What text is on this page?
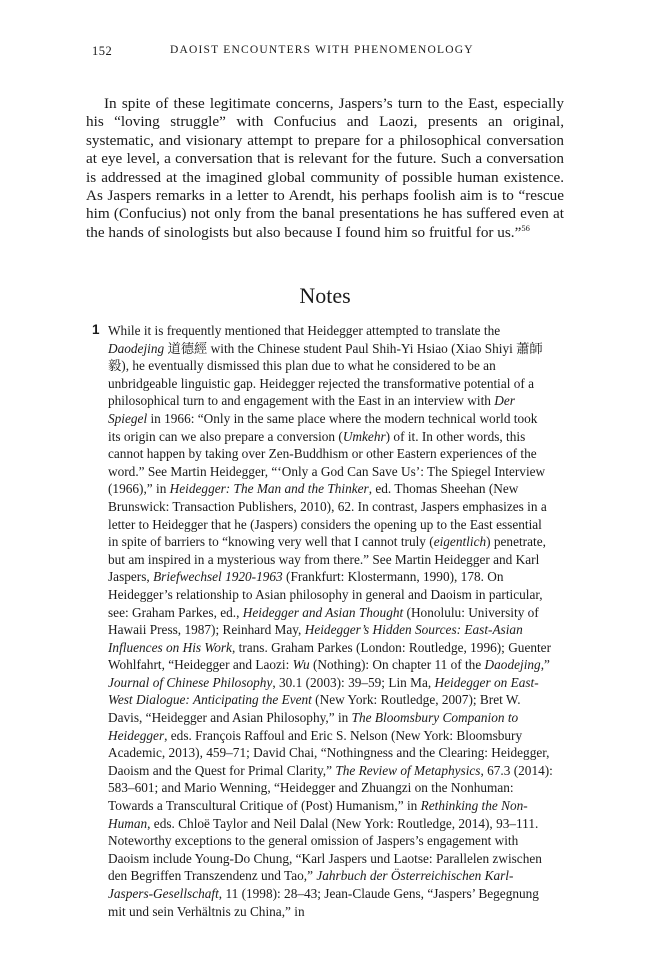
152	DAOIST ENCOUNTERS WITH PHENOMENOLOGY

In spite of these legitimate concerns, Jaspers’s turn to the East, especially his “loving struggle” with Confucius and Laozi, presents an original, systematic, and visionary attempt to prepare for a philosophical conversation at eye level, a conversation that is relevant for the future. Such a conversation is addressed at the imagined global community of possible human existence. As Jaspers remarks in a letter to Arendt, his perhaps foolish aim is to “rescue him (Confucius) not only from the banal presentations he has suffered even at the hands of sinologists but also because I found him so fruitful for us.”$^{56}$

Notes
1 While it is frequently mentioned that Heidegger attempted to translate the Daodejing 道德經 with the Chinese student Paul Shih-Yi Hsiao (Xiao Shiyi 蕭師毅), he eventually dismissed this plan due to what he considered to be an unbridgeable linguistic gap. Heidegger rejected the transformative potential of a philosophical turn to and engagement with the East in an interview with Der Spiegel in 1966: “Only in the same place where the modern technical world took its origin can we also prepare a conversion (Umkehr) of it. In other words, this cannot happen by taking over Zen-Buddhism or other Eastern experiences of the word.” See Martin Heidegger, “‘Only a God Can Save Us’: The Spiegel Interview (1966),” in Heidegger: The Man and the Thinker, ed. Thomas Sheehan (New Brunswick: Transaction Publishers, 2010), 62. In contrast, Jaspers emphasizes in a letter to Heidegger that he (Jaspers) considers the opening up to the East essential in spite of barriers to “knowing very well that I cannot truly (eigentlich) penetrate, but am inspired in a mysterious way from there.” See Martin Heidegger and Karl Jaspers, Briefwechsel 1920-1963 (Frankfurt: Klostermann, 1990), 178. On Heidegger’s relationship to Asian philosophy in general and Daoism in particular, see: Graham Parkes, ed., Heidegger and Asian Thought (Honolulu: University of Hawaii Press, 1987); Reinhard May, Heidegger’s Hidden Sources: East-Asian Influences on His Work, trans. Graham Parkes (London: Routledge, 1996); Guenter Wohlfahrt, “Heidegger and Laozi: Wu (Nothing): On chapter 11 of the Daodejing,” Journal of Chinese Philosophy, 30.1 (2003): 39–59; Lin Ma, Heidegger on East-West Dialogue: Anticipating the Event (New York: Routledge, 2007); Bret W. Davis, “Heidegger and Asian Philosophy,” in The Bloomsbury Companion to Heidegger, eds. François Raffoul and Eric S. Nelson (New York: Bloomsbury Academic, 2013), 459–71; David Chai, “Nothingness and the Clearing: Heidegger, Daoism and the Quest for Primal Clarity,” The Review of Metaphysics, 67.3 (2014): 583–601; and Mario Wenning, “Heidegger and Zhuangzi on the Nonhuman: Towards a Transcultural Critique of (Post) Humanism,” in Rethinking the Non-Human, eds. Chloë Taylor and Neil Dalal (New York: Routledge, 2014), 93–111. Noteworthy exceptions to the general omission of Jaspers’s engagement with Daoism include Young-Do Chung, “Karl Jaspers und Laotse: Parallelen zwischen den Begriffen Transzendenz und Tao,” Jahrbuch der Österreichischen Karl-Jaspers-Gesellschaft, 11 (1998): 28–43; Jean-Claude Gens, “Jaspers’ Begegnung mit und sein Verhältnis zu China,” in
